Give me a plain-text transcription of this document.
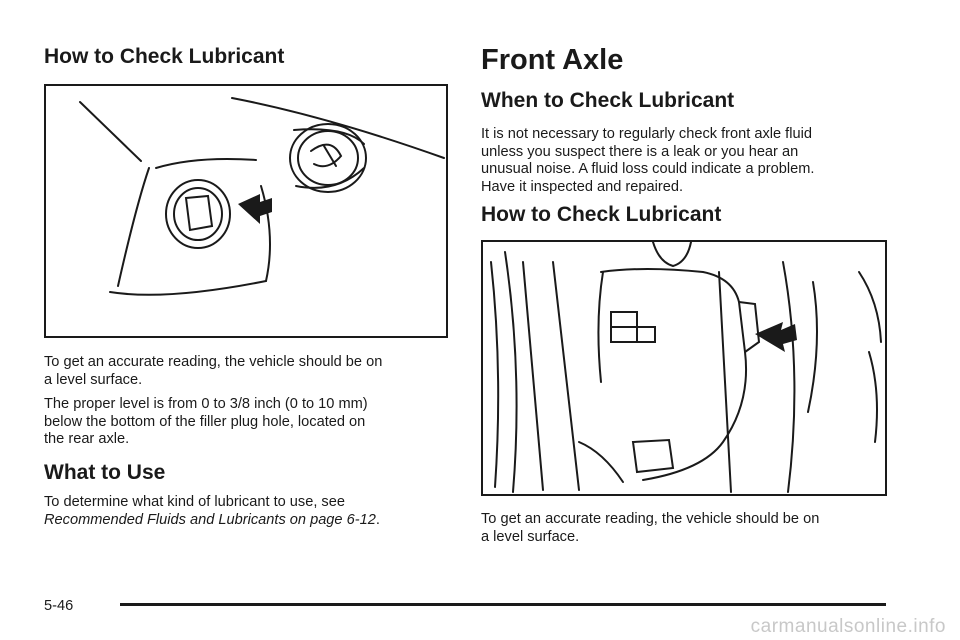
How to Check Lubricant

To get an accurate reading, the vehicle should be on
a level surface.

The proper level is from 0 to 3/8 inch (0 to 10 mm)
below the bottom of the filler plug hole, located on
the rear axle.

What to Use

To determine what kind of lubricant to use, see
Recommended Fluids and Lubricants on page 6-12.

Front Axle
When to Check Lubricant

It is not necessary to regularly check front axle fluid
unless you suspect there is a leak or you hear an
unusual noise. A fluid loss could indicate a problem.
Have it inspected and repaired.

How to Check Lubricant

To get an accurate reading, the vehicle should be on
a level surface.

5-46
carmanualsonline.info
